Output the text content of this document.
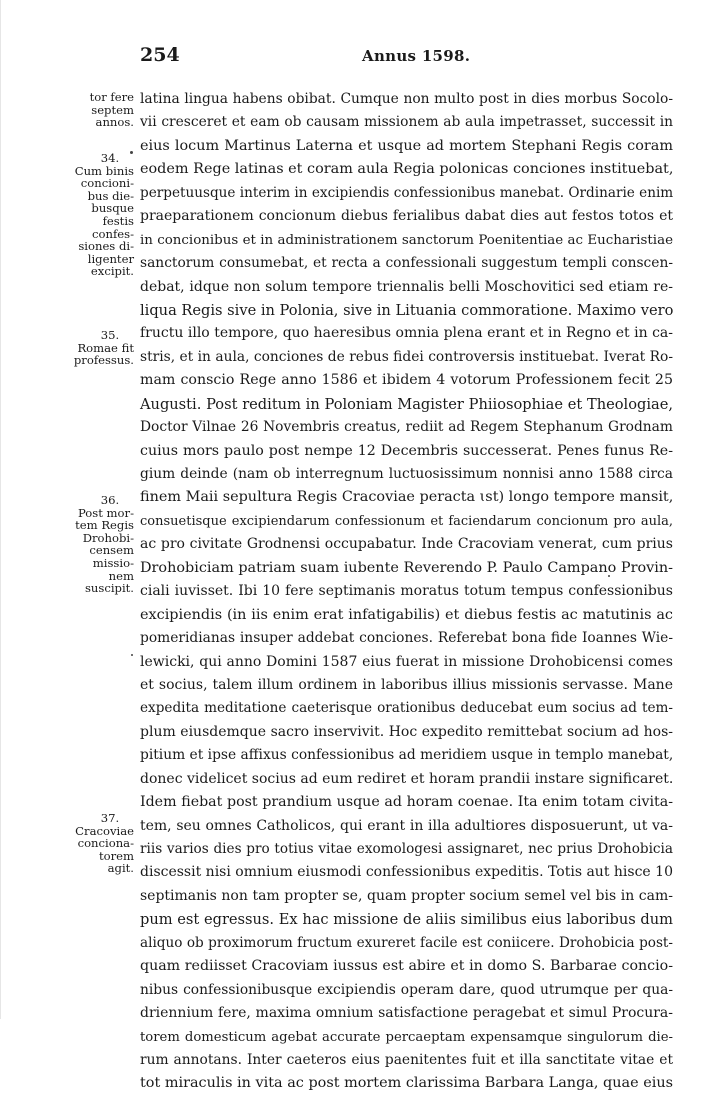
254	Annus 1598.
tor fere
septem
annos.
34.
Cum binis
concioni-
bus die-
busque
festis
confes-
siones di-
ligenter
excipit.
35.
Romae fit
professus.
36.
Post mor-
tem Regis
Drohobi-
censem
missio-
nem
suscipit.
37.
Cracoviae
conciona-
torem
agit.
latina lingua habens obibat. Cumque non multo post in dies morbus Socolo-
vii cresceret et eam ob causam missionem ab aula impetrasset, successit in
eius locum Martinus Laterna et usque ad mortem Stephani Regis coram
eodem Rege latinas et coram aula Regia polonicas conciones instituebat,
perpetuusque interim in excipiendis confessionibus manebat. Ordinarie enim
praeparationem concionum diebus ferialibus dabat dies aut festos totos et
in concionibus et in administrationem sanctorum Poenitentiae ac Eucharistiae
sanctorum consumebat, et recta a confessionali suggestum templi conscen-
debat, idque non solum tempore triennalis belli Moschovitici sed etiam re-
liqua Regis sive in Polonia, sive in Lituania commoratione. Maximo vero
fructu illo tempore, quo haeresibus omnia plena erant et in Regno et in ca-
stris, et in aula, conciones de rebus fidei controversis instituebat. Iverat Ro-
mam conscio Rege anno 1586 et ibidem 4 votorum Professionem fecit 25
Augusti. Post reditum in Poloniam Magister Phiiosophiae et Theologiae,
Doctor Vilnae 26 Novembris creatus, rediit ad Regem Stephanum Grodnam
cuius mors paulo post nempe 12 Decembris successerat. Penes funus Re-
gium deinde (nam ob interregnum luctuosissimum nonnisi anno 1588 circa
finem Maii sepultura Regis Cracoviae peracta ɩst) longo tempore mansit,
consuetisque excipiendarum confessionum et faciendarum concionum pro aula,
ac pro civitate Grodnensi occupabatur. Inde Cracoviam venerat, cum prius
Drohobiciam patriam suam iubente Reverendo P. Paulo Campano Provin-
ciali iuvisset. Ibi 10 fere septimanis moratus totum tempus confessionibus
excipiendis (in iis enim erat infatigabilis) et diebus festis ac matutinis ac
pomeridianas insuper addebat conciones. Referebat bona fide Ioannes Wie-
lewicki, qui anno Domini 1587 eius fuerat in missione Drohobicensi comes
et socius, talem illum ordinem in laboribus illius missionis servasse. Mane
expedita meditatione caeterisque orationibus deducebat eum socius ad tem-
plum eiusdemque sacro inservivit. Hoc expedito remittebat socium ad hos-
pitium et ipse affixus confessionibus ad meridiem usque in templo manebat,
donec videlicet socius ad eum rediret et horam prandii instare significaret.
Idem fiebat post prandium usque ad horam coenae. Ita enim totam civita-
tem, seu omnes Catholicos, qui erant in illa adultiores disposuerunt, ut va-
riis varios dies pro totius vitae exomologesi assignaret, nec prius Drohobicia
discessit nisi omnium eiusmodi confessionibus expeditis. Totis aut hisce 10
septimanis non tam propter se, quam propter socium semel vel bis in cam-
pum est egressus. Ex hac missione de aliis similibus eius laboribus dum
aliquo ob proximorum fructum exureret facile est coniicere. Drohobicia post-
quam rediisset Cracoviam iussus est abire et in domo S. Barbarae concio-
nibus confessionibusque excipiendis operam dare, quod utrumque per qua-
driennium fere, maxima omnium satisfactione peragebat et simul Procura-
torem domesticum agebat accurate percaeptam expensamque singulorum die-
rum annotans. Inter caeteros eius paenitentes fuit et illa sanctitate vitae et
tot miraculis in vita ac post mortem clarissima Barbara Langa, quae eius
